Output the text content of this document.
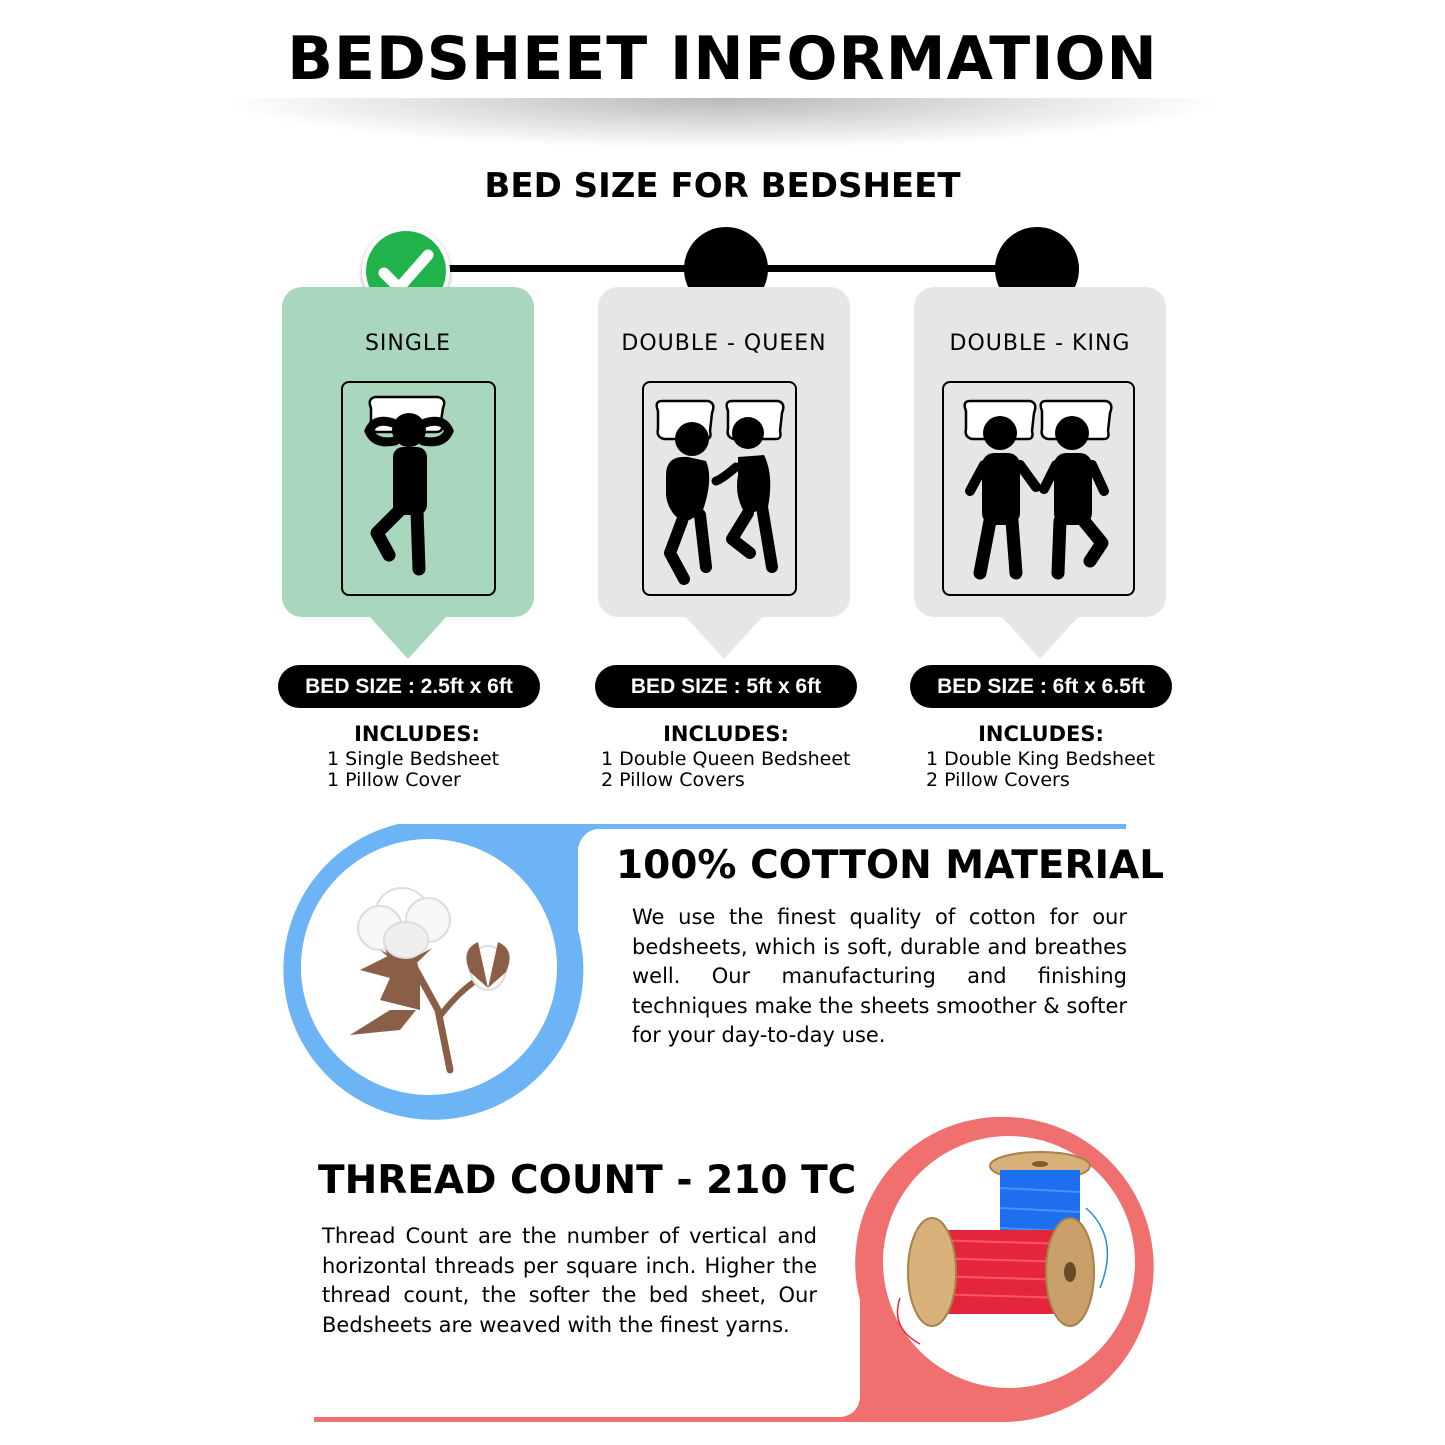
BEDSHEET INFORMATION
BED SIZE FOR BEDSHEET
SINGLE	DOUBLE - QUEEN	DOUBLE - KING
BED SIZE : 2.5ft x 6ft	BED SIZE : 5ft x 6ft	BED SIZE : 6ft x 6.5ft
INCLUDES:
1 Single Bedsheet
1 Pillow Cover
INCLUDES:
1 Double Queen Bedsheet
2 Pillow Covers
INCLUDES:
1 Double King Bedsheet
2 Pillow Covers
100% COTTON MATERIAL
We use the finest quality of cotton for our bedsheets, which is soft, durable and breathes well. Our manufacturing and finishing techniques make the sheets smoother & softer for your day-to-day use.
THREAD COUNT - 210 TC
Thread Count are the number of vertical and horizontal threads per square inch. Higher the thread count, the softer the bed sheet, Our Bedsheets are weaved with the finest yarns.
